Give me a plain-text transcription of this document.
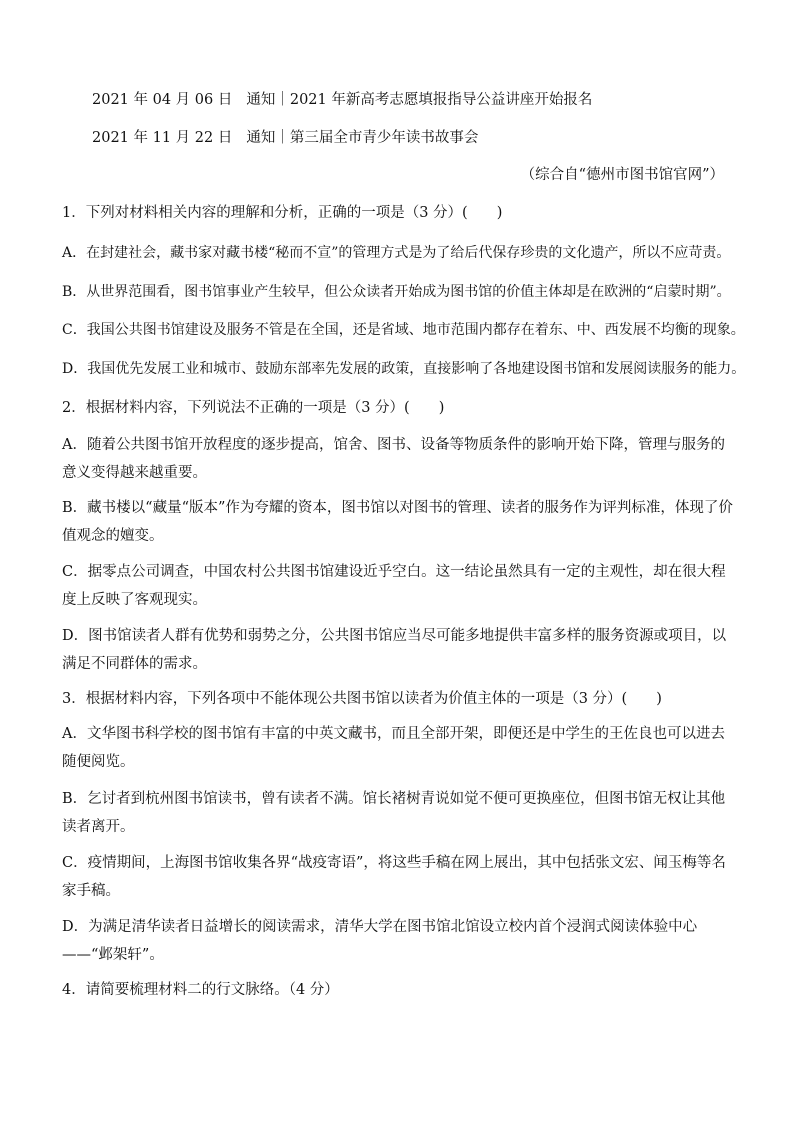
2021 年 04 月 06 日 通知｜2021 年新高考志愿填报指导公益讲座开始报名
2021 年 11 月 22 日 通知｜第三届全市青少年读书故事会
（综合自“德州市图书馆官网”）
1．下列对材料相关内容的理解和分析，正确的一项是（3 分）(　　)
A．在封建社会，藏书家对藏书楼“秘而不宣”的管理方式是为了给后代保存珍贵的文化遗产，所以不应苛责。
B．从世界范围看，图书馆事业产生较早，但公众读者开始成为图书馆的价值主体却是在欧洲的“启蒙时期”。
C．我国公共图书馆建设及服务不管是在全国，还是省域、地市范围内都存在着东、中、西发展不均衡的现象。
D．我国优先发展工业和城市、鼓励东部率先发展的政策，直接影响了各地建设图书馆和发展阅读服务的能力。
2．根据材料内容，下列说法不正确的一项是（3 分）(　　)
A．随着公共图书馆开放程度的逐步提高，馆舍、图书、设备等物质条件的影响开始下降，管理与服务的意义变得越来越重要。
B．藏书楼以“藏量“版本”作为夸耀的资本，图书馆以对图书的管理、读者的服务作为评判标准，体现了价值观念的嬗变。
C．据零点公司调查，中国农村公共图书馆建设近乎空白。这一结论虽然具有一定的主观性，却在很大程度上反映了客观现实。
D．图书馆读者人群有优势和弱势之分，公共图书馆应当尽可能多地提供丰富多样的服务资源或项目，以满足不同群体的需求。
3．根据材料内容，下列各项中不能体现公共图书馆以读者为价值主体的一项是（3 分）(　　)
A．文华图书科学校的图书馆有丰富的中英文藏书，而且全部开架，即便还是中学生的王佐良也可以进去随便阅览。
B．乞讨者到杭州图书馆读书，曾有读者不满。馆长褚树青说如觉不便可更换座位，但图书馆无权让其他读者离开。
C．疫情期间，上海图书馆收集各界“战疫寄语”，将这些手稿在网上展出，其中包括张文宏、闻玉梅等名家手稿。
D．为满足清华读者日益增长的阅读需求，清华大学在图书馆北馆设立校内首个浸润式阅读体验中心——“邺架轩”。
4．请简要梳理材料二的行文脉络。（4 分）
